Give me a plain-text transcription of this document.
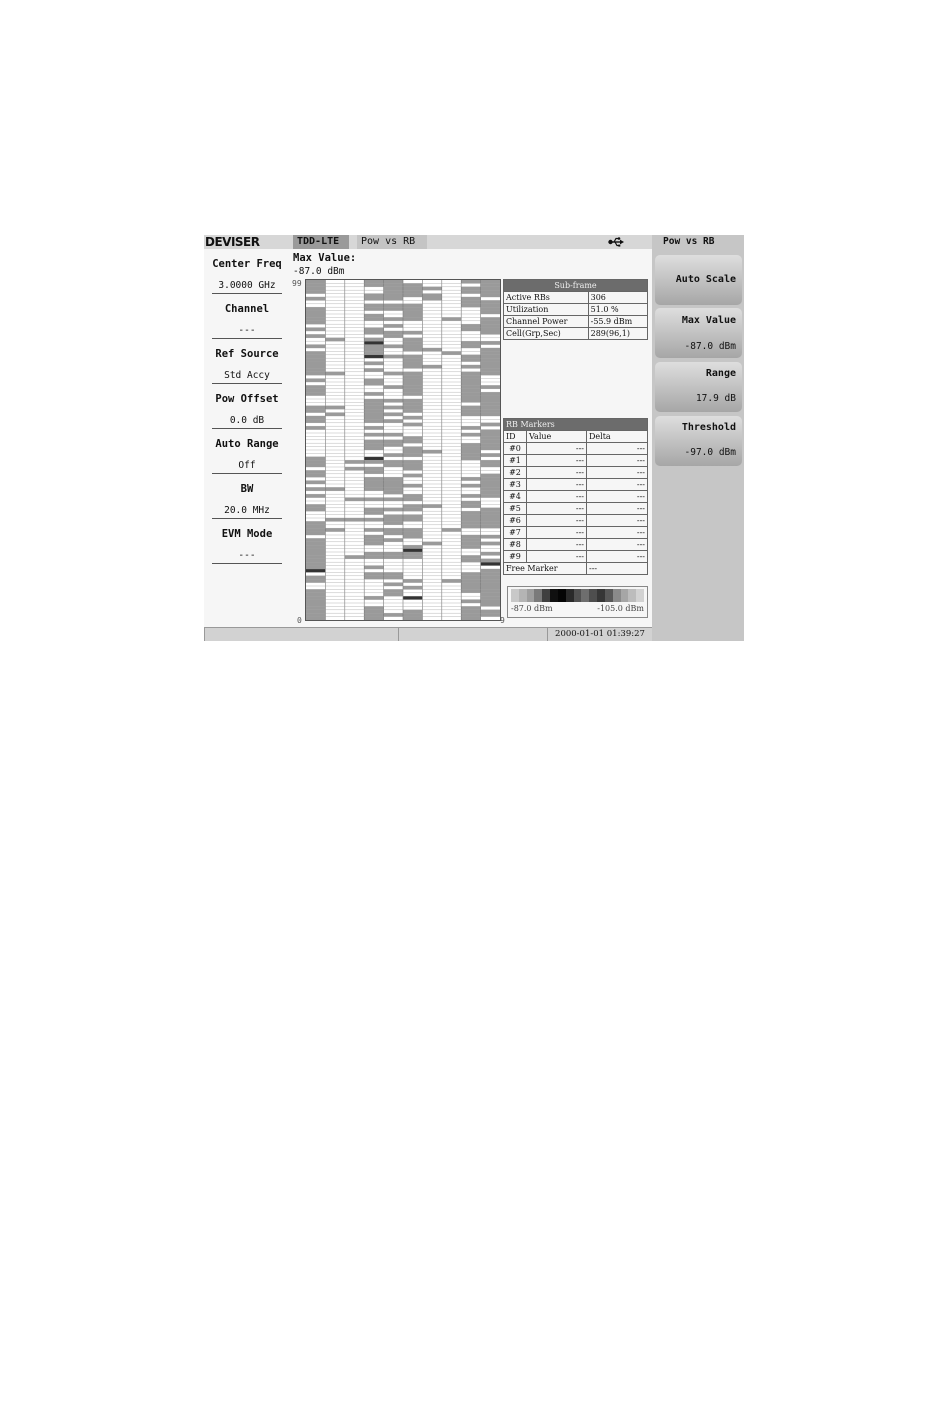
DEVISER	TDD-LTE	Pow vs RB
Center Freq
3.0000 GHz
Channel
---
Ref Source
Std Accy
Pow Offset
0.0 dB
Auto Range
Off
BW
20.0 MHz
EVM Mode
---
Max Value:
-87.0 dBm
99
0	9
Sub-frame	
Active RBs	306
Utilization	51.0 %
Channel Power	-55.9 dBm
Cell(Grp,Sec)	289(96,1)
RB Markers		
ID	Value	Delta
#0	---	---
#1	---	---
#2	---	---
#3	---	---
#4	---	---
#5	---	---
#6	---	---
#7	---	---
#8	---	---
#9	---	---
Free Marker		---
-87.0 dBm	-105.0 dBm
2000-01-01 01:39:27
Pow vs RB
Auto Scale
Max Value
-87.0 dBm
Range
17.9 dB
Threshold
-97.0 dBm
